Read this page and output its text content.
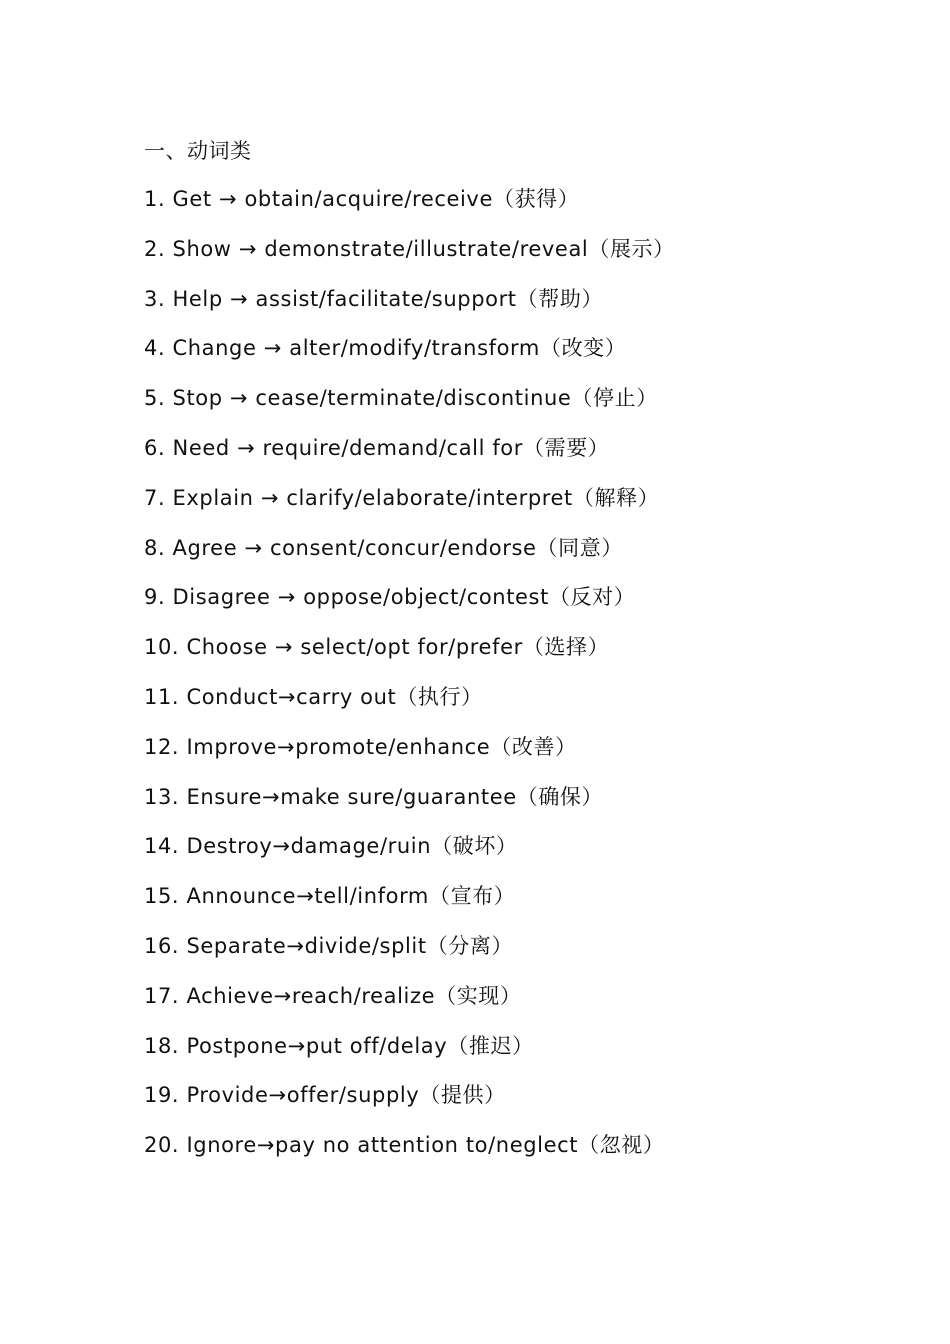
一、动词类
1. Get → obtain/acquire/receive（获得）
2. Show → demonstrate/illustrate/reveal（展示）
3. Help → assist/facilitate/support（帮助）
4. Change → alter/modify/transform（改变）
5. Stop → cease/terminate/discontinue（停止）
6. Need → require/demand/call for（需要）
7. Explain → clarify/elaborate/interpret（解释）
8. Agree → consent/concur/endorse（同意）
9. Disagree → oppose/object/contest（反对）
10. Choose → select/opt for/prefer（选择）
11. Conduct→carry out（执行）
12. Improve→promote/enhance（改善）
13. Ensure→make sure/guarantee（确保）
14. Destroy→damage/ruin（破坏）
15. Announce→tell/inform（宣布）
16. Separate→divide/split（分离）
17. Achieve→reach/realize（实现）
18. Postpone→put off/delay（推迟）
19. Provide→offer/supply（提供）
20. Ignore→pay no attention to/neglect（忽视）
